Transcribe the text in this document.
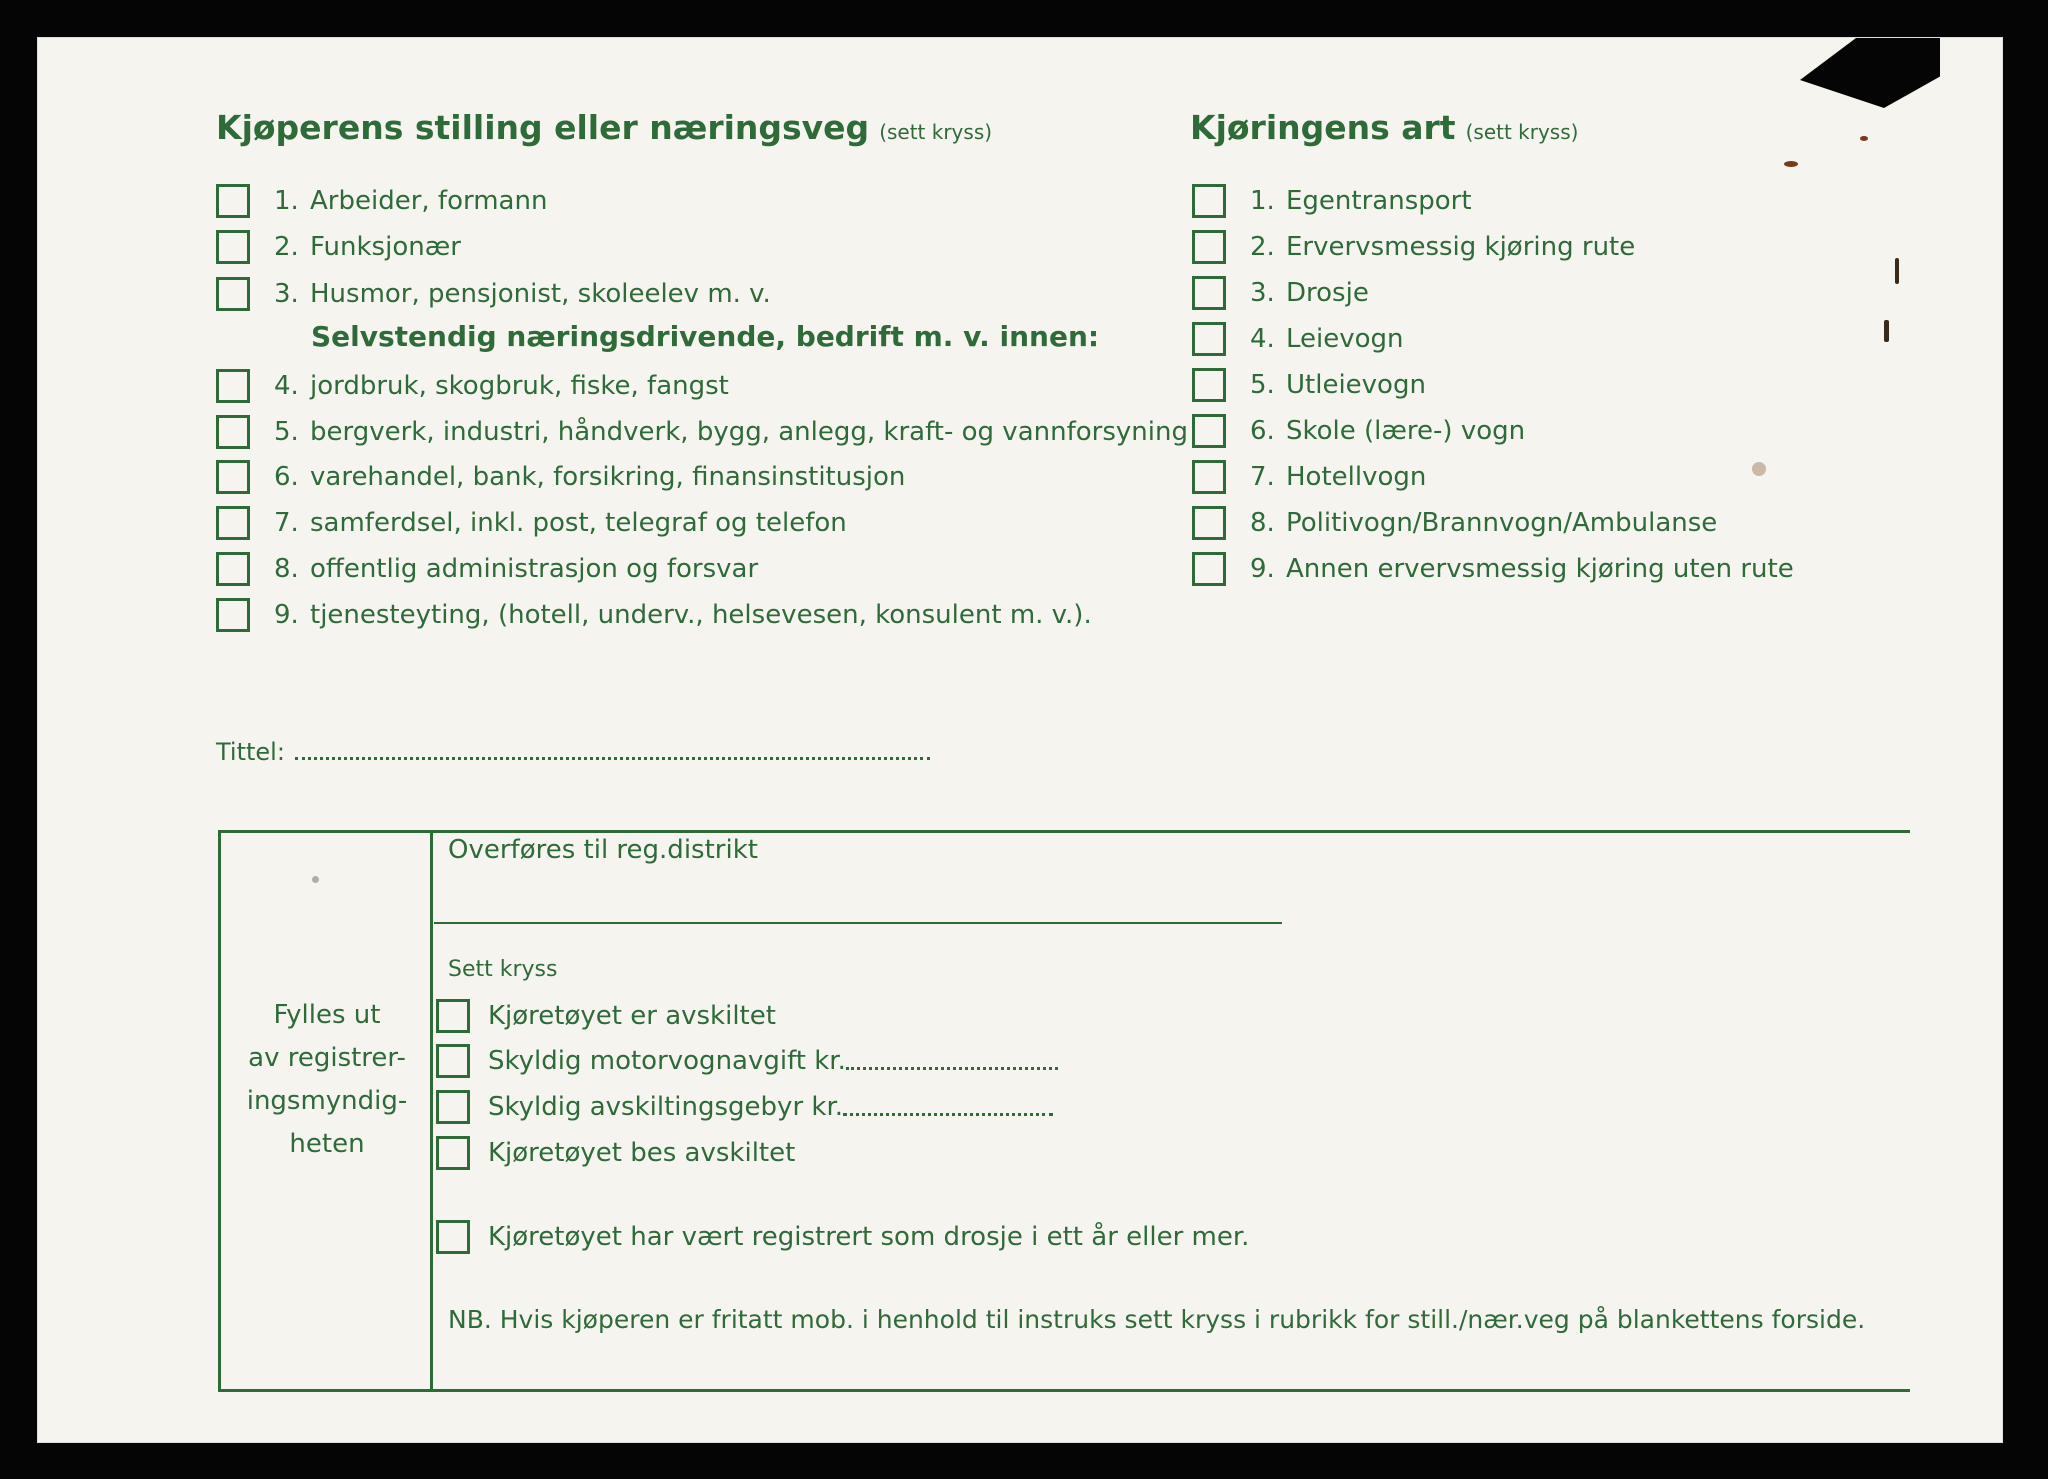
Kjøperens stilling eller næringsveg (sett kryss)
1. Arbeider, formann
2. Funksjonær
3. Husmor, pensjonist, skoleelev m. v.
Selvstendig næringsdrivende, bedrift m. v. innen:
4. jordbruk, skogbruk, fiske, fangst
5. bergverk, industri, håndverk, bygg, anlegg, kraft- og vannforsyning
6. varehandel, bank, forsikring, finansinstitusjon
7. samferdsel, inkl. post, telegraf og telefon
8. offentlig administrasjon og forsvar
9. tjenesteyting, (hotell, underv., helsevesen, konsulent m. v.).
Kjøringens art (sett kryss)
1. Egentransport
2. Ervervsmessig kjøring rute
3. Drosje
4. Leievogn
5. Utleievogn
6. Skole (lære-) vogn
7. Hotellvogn
8. Politivogn/Brannvogn/Ambulanse
9. Annen ervervsmessig kjøring uten rute
Tittel:
Fylles ut
av registrer-
ingsmyndig-
heten
Overføres til reg.distrikt
Sett kryss
Kjøretøyet er avskiltet
Skyldig motorvognavgift kr.
Skyldig avskiltingsgebyr kr.
Kjøretøyet bes avskiltet
Kjøretøyet har vært registrert som drosje i ett år eller mer.
NB. Hvis kjøperen er fritatt mob. i henhold til instruks sett kryss i rubrikk for still./nær.veg på blankettens forside.
